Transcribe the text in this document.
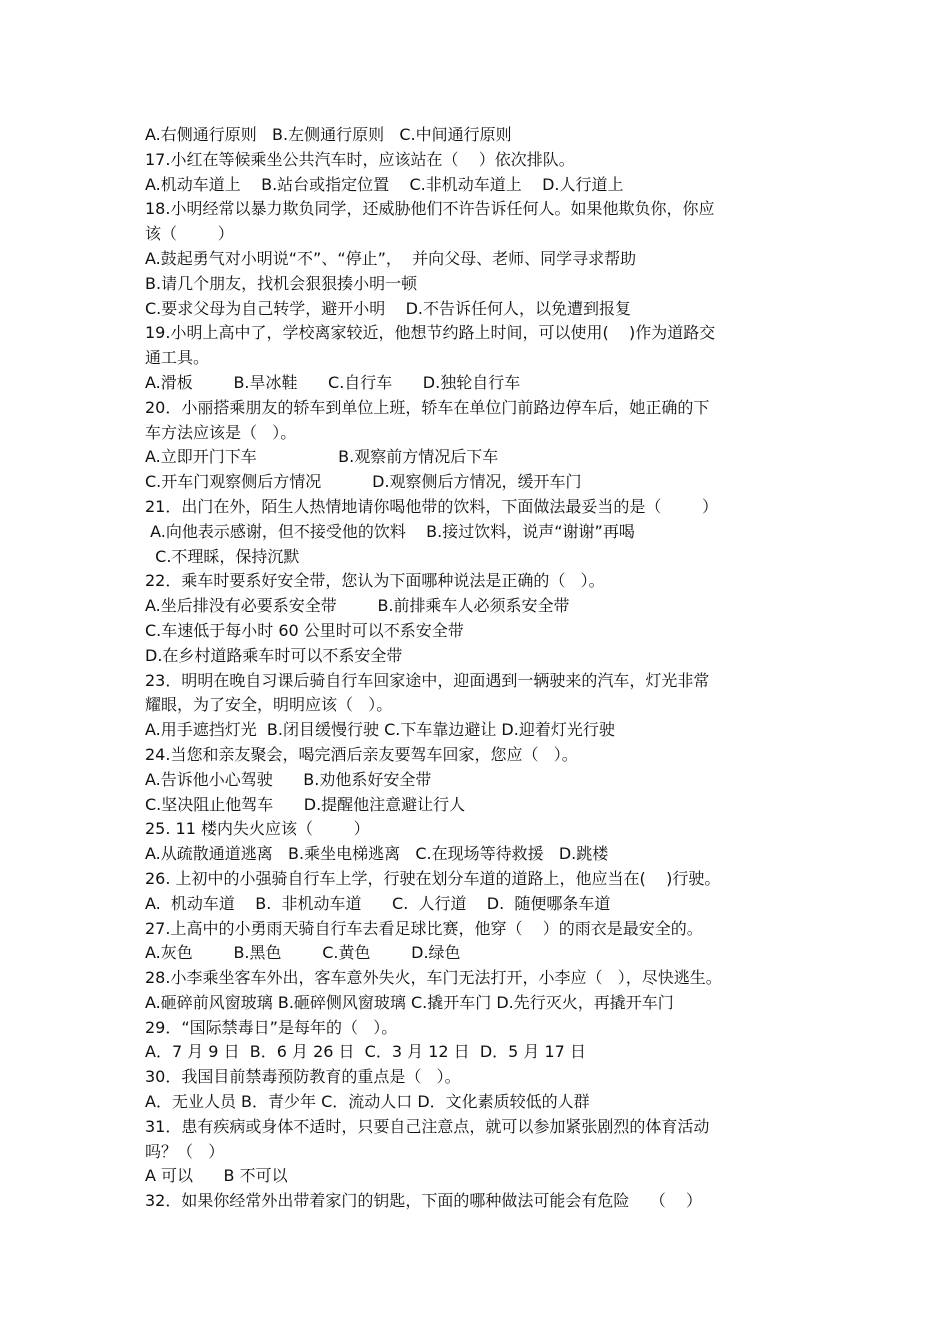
A.右侧通行原则   B.左侧通行原则   C.中间通行原则
17.小红在等候乘坐公共汽车时，应该站在（    ）依次排队。
A.机动车道上    B.站台或指定位置    C.非机动车道上    D.人行道上
18.小明经常以暴力欺负同学，还威胁他们不许告诉任何人。如果他欺负你，你应
该（        ）
A.鼓起勇气对小明说“不”、“停止”，  并向父母、老师、同学寻求帮助
B.请几个朋友，找机会狠狠揍小明一顿
C.要求父母为自己转学，避开小明    D.不告诉任何人，以免遭到报复
19.小明上高中了，学校离家较近，他想节约路上时间，可以使用(    )作为道路交
通工具。
A.滑板        B.旱冰鞋      C.自行车      D.独轮自行车
20．小丽搭乘朋友的轿车到单位上班，轿车在单位门前路边停车后，她正确的下
车方法应该是（   ）。
A.立即开门下车                B.观察前方情况后下车
C.开车门观察侧后方情况          D.观察侧后方情况，缓开车门
21．出门在外，陌生人热情地请你喝他带的饮料，下面做法最妥当的是（        ）
A.向他表示感谢，但不接受他的饮料    B.接过饮料，说声“谢谢”再喝
C.不理睬，保持沉默
22．乘车时要系好安全带，您认为下面哪种说法是正确的（   ）。
A.坐后排没有必要系安全带        B.前排乘车人必须系安全带
C.车速低于每小时 60 公里时可以不系安全带
D.在乡村道路乘车时可以不系安全带
23．明明在晚自习课后骑自行车回家途中，迎面遇到一辆驶来的汽车，灯光非常
耀眼，为了安全，明明应该（   ）。
A.用手遮挡灯光  B.闭目缓慢行驶 C.下车靠边避让 D.迎着灯光行驶
24.当您和亲友聚会，喝完酒后亲友要驾车回家，您应（   ）。
A.告诉他小心驾驶      B.劝他系好安全带
C.坚决阻止他驾车      D.提醒他注意避让行人
25. 11 楼内失火应该（        ）
A.从疏散通道逃离   B.乘坐电梯逃离   C.在现场等待救援   D.跳楼
26. 上初中的小强骑自行车上学，行驶在划分车道的道路上，他应当在(    )行驶。
A.  机动车道    B.  非机动车道      C.  人行道    D.  随便哪条车道
27.上高中的小勇雨天骑自行车去看足球比赛，他穿（    ）的雨衣是最安全的。
A.灰色        B.黑色        C.黄色        D.绿色
28.小李乘坐客车外出，客车意外失火，车门无法打开，小李应（   ），尽快逃生。
A.砸碎前风窗玻璃 B.砸碎侧风窗玻璃 C.撬开车门 D.先行灭火，再撬开车门
29．“国际禁毒日”是每年的（   ）。
A．7 月 9 日  B．6 月 26 日  C．3 月 12 日  D．5 月 17 日
30．我国目前禁毒预防教育的重点是（   ）。
A．无业人员 B．青少年 C．流动人口 D．文化素质较低的人群
31．患有疾病或身体不适时，只要自己注意点，就可以参加紧张剧烈的体育活动
吗？（   ）
A 可以      B 不可以
32．如果你经常外出带着家门的钥匙，下面的哪种做法可能会有危险    （    ）
